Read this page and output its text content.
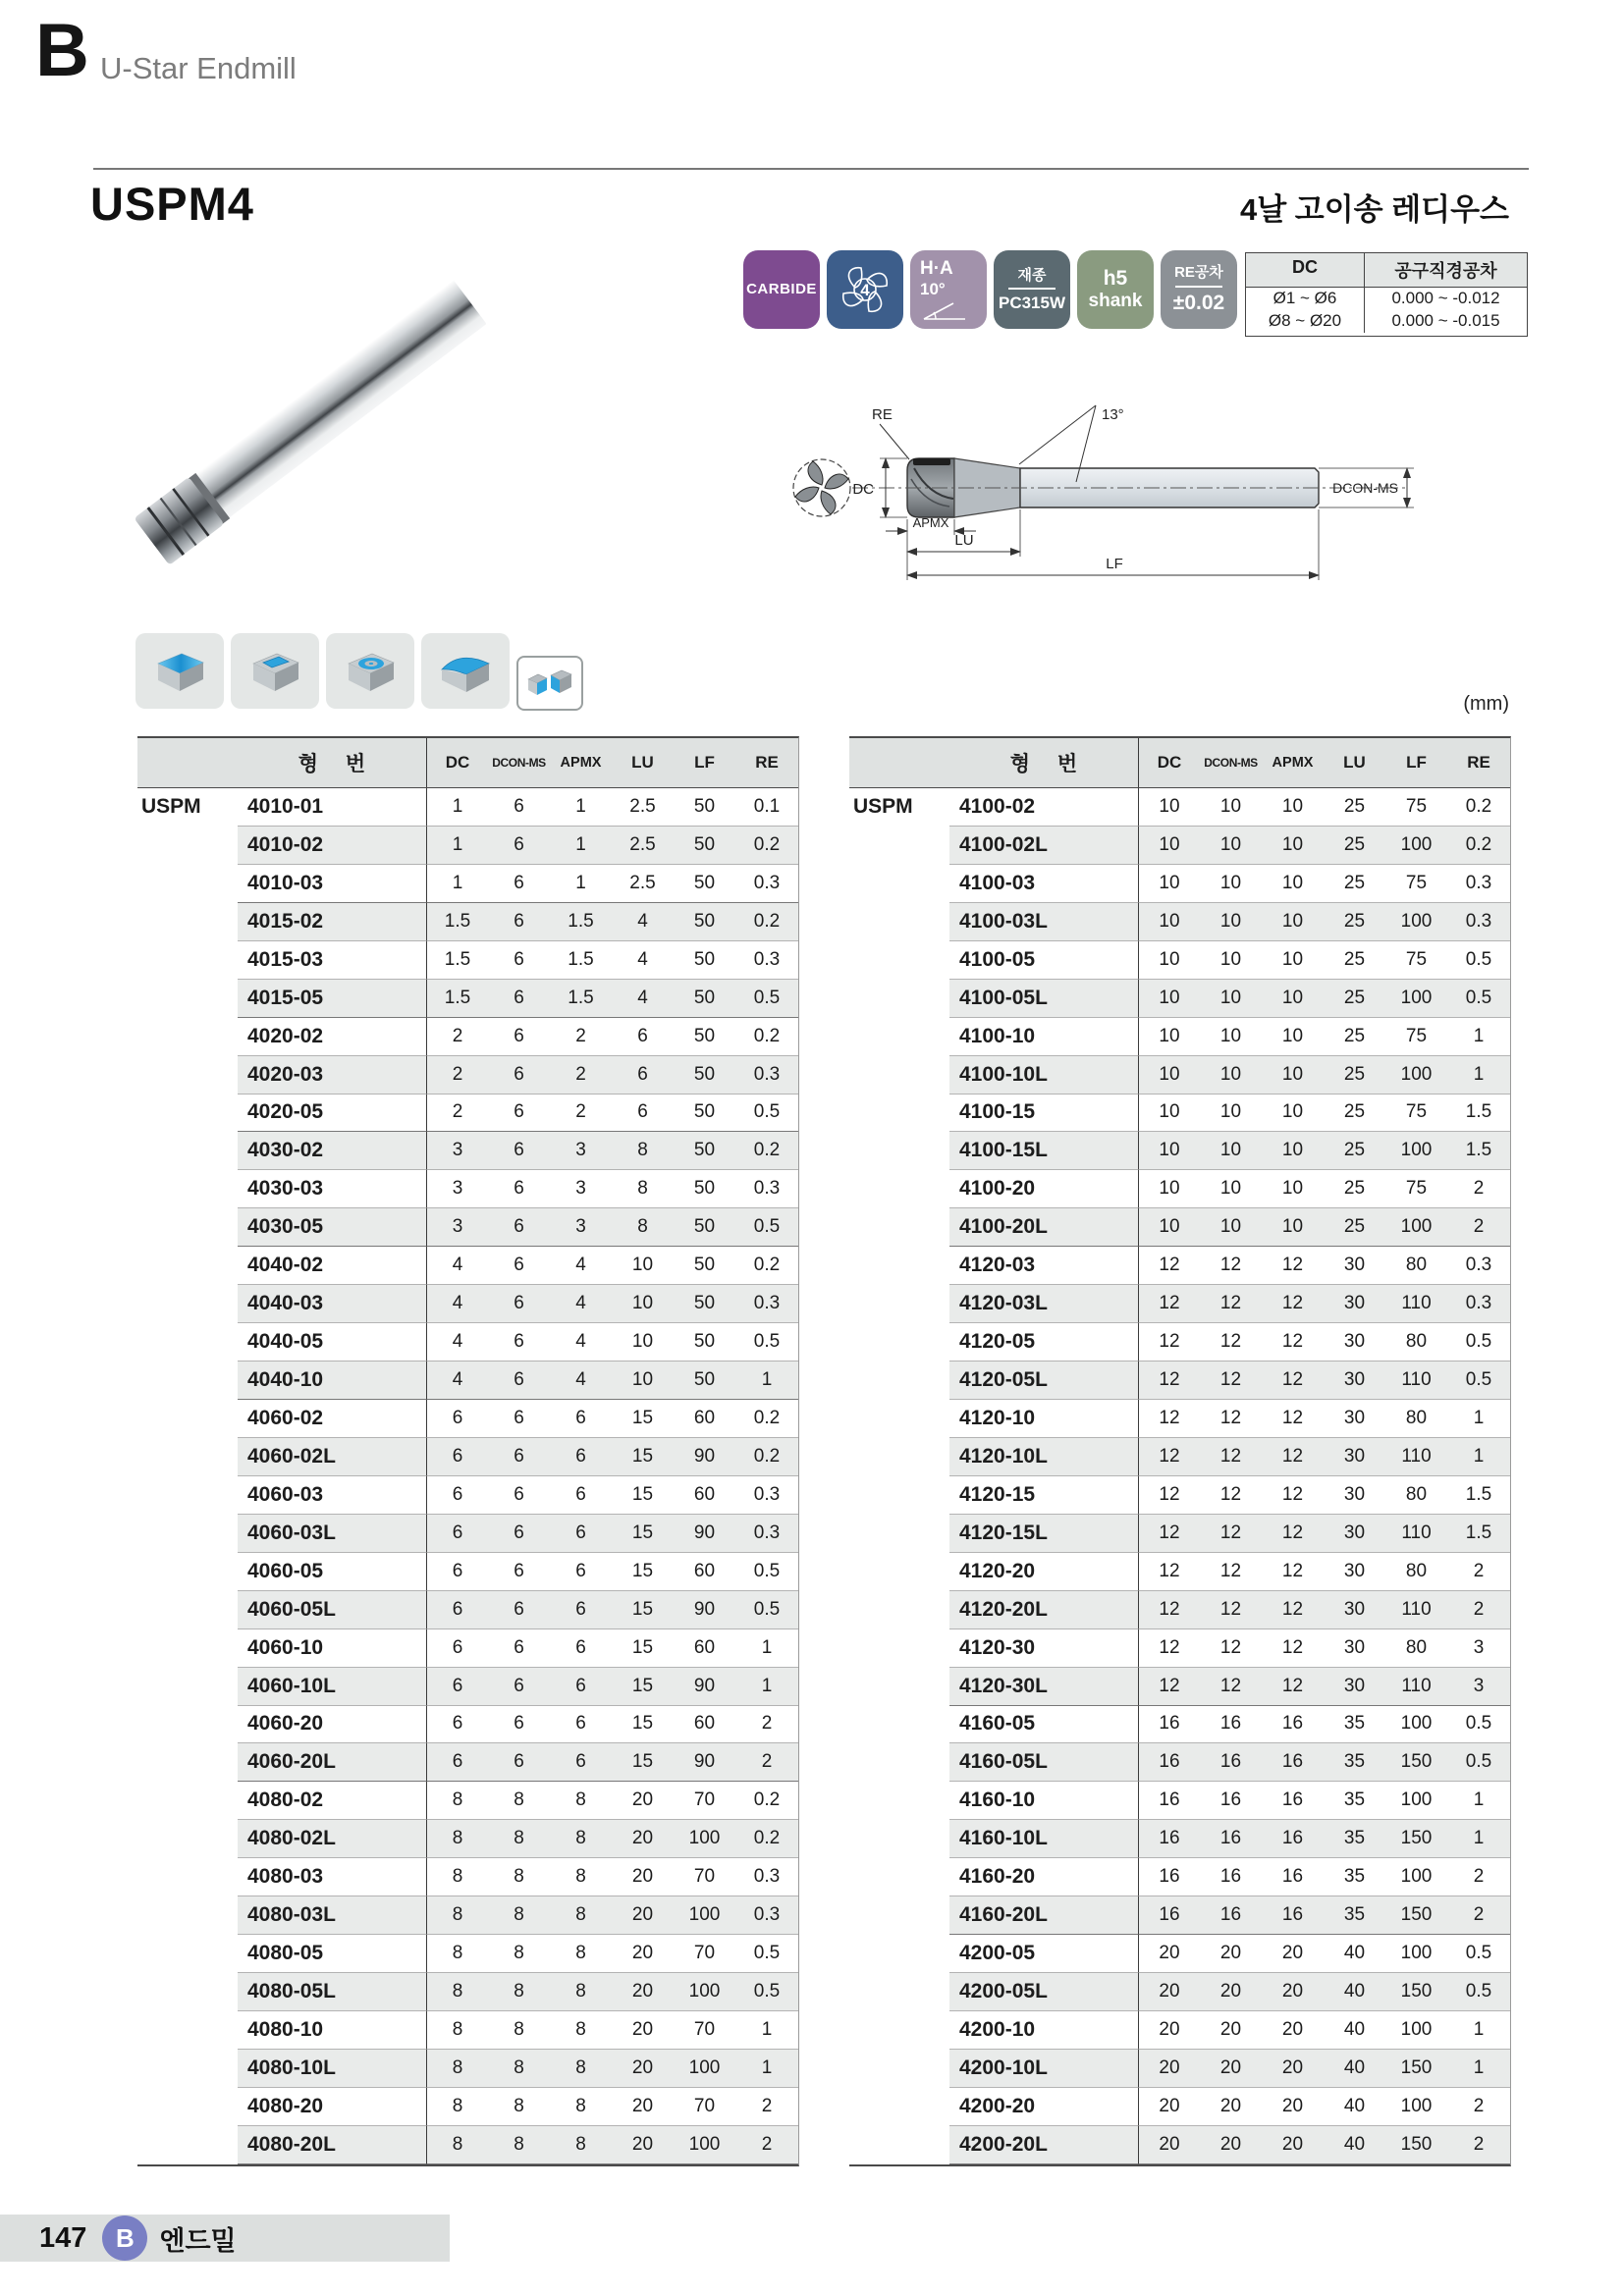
B U-Star Endmill
USPM4	4날 고이송 레디우스
(mm)
CARBIDE	4
H·A
10°
재종
PC315W
h5
shank
RE공차
±0.02
DC	공구직경공차
Ø1 ~ Ø6	0.000 ~ -0.012
Ø8 ~ Ø20	0.000 ~ -0.015
RE	13°
DC	DCON-MS
APMX
LU
LF
형 번	DC	DCON-MS	APMX	LU	LF	RE
USPM	4010-01	1	6	1	2.5	50	0.1
4010-02	1	6	1	2.5	50	0.2
4010-03	1	6	1	2.5	50	0.3
4015-02	1.5	6	1.5	4	50	0.2
4015-03	1.5	6	1.5	4	50	0.3
4015-05	1.5	6	1.5	4	50	0.5
4020-02	2	6	2	6	50	0.2
4020-03	2	6	2	6	50	0.3
4020-05	2	6	2	6	50	0.5
4030-02	3	6	3	8	50	0.2
4030-03	3	6	3	8	50	0.3
4030-05	3	6	3	8	50	0.5
4040-02	4	6	4	10	50	0.2
4040-03	4	6	4	10	50	0.3
4040-05	4	6	4	10	50	0.5
4040-10	4	6	4	10	50	1
4060-02	6	6	6	15	60	0.2
4060-02L	6	6	6	15	90	0.2
4060-03	6	6	6	15	60	0.3
4060-03L	6	6	6	15	90	0.3
4060-05	6	6	6	15	60	0.5
4060-05L	6	6	6	15	90	0.5
4060-10	6	6	6	15	60	1
4060-10L	6	6	6	15	90	1
4060-20	6	6	6	15	60	2
4060-20L	6	6	6	15	90	2
4080-02	8	8	8	20	70	0.2
4080-02L	8	8	8	20	100	0.2
4080-03	8	8	8	20	70	0.3
4080-03L	8	8	8	20	100	0.3
4080-05	8	8	8	20	70	0.5
4080-05L	8	8	8	20	100	0.5
4080-10	8	8	8	20	70	1
4080-10L	8	8	8	20	100	1
4080-20	8	8	8	20	70	2
4080-20L	8	8	8	20	100	2
형 번	DC	DCON-MS	APMX	LU	LF	RE
USPM	4100-02	10	10	10	25	75	0.2
4100-02L	10	10	10	25	100	0.2
4100-03	10	10	10	25	75	0.3
4100-03L	10	10	10	25	100	0.3
4100-05	10	10	10	25	75	0.5
4100-05L	10	10	10	25	100	0.5
4100-10	10	10	10	25	75	1
4100-10L	10	10	10	25	100	1
4100-15	10	10	10	25	75	1.5
4100-15L	10	10	10	25	100	1.5
4100-20	10	10	10	25	75	2
4100-20L	10	10	10	25	100	2
4120-03	12	12	12	30	80	0.3
4120-03L	12	12	12	30	110	0.3
4120-05	12	12	12	30	80	0.5
4120-05L	12	12	12	30	110	0.5
4120-10	12	12	12	30	80	1
4120-10L	12	12	12	30	110	1
4120-15	12	12	12	30	80	1.5
4120-15L	12	12	12	30	110	1.5
4120-20	12	12	12	30	80	2
4120-20L	12	12	12	30	110	2
4120-30	12	12	12	30	80	3
4120-30L	12	12	12	30	110	3
4160-05	16	16	16	35	100	0.5
4160-05L	16	16	16	35	150	0.5
4160-10	16	16	16	35	100	1
4160-10L	16	16	16	35	150	1
4160-20	16	16	16	35	100	2
4160-20L	16	16	16	35	150	2
4200-05	20	20	20	40	100	0.5
4200-05L	20	20	20	40	150	0.5
4200-10	20	20	20	40	100	1
4200-10L	20	20	20	40	150	1
4200-20	20	20	20	40	100	2
4200-20L	20	20	20	40	150	2
147	B 엔드밀
